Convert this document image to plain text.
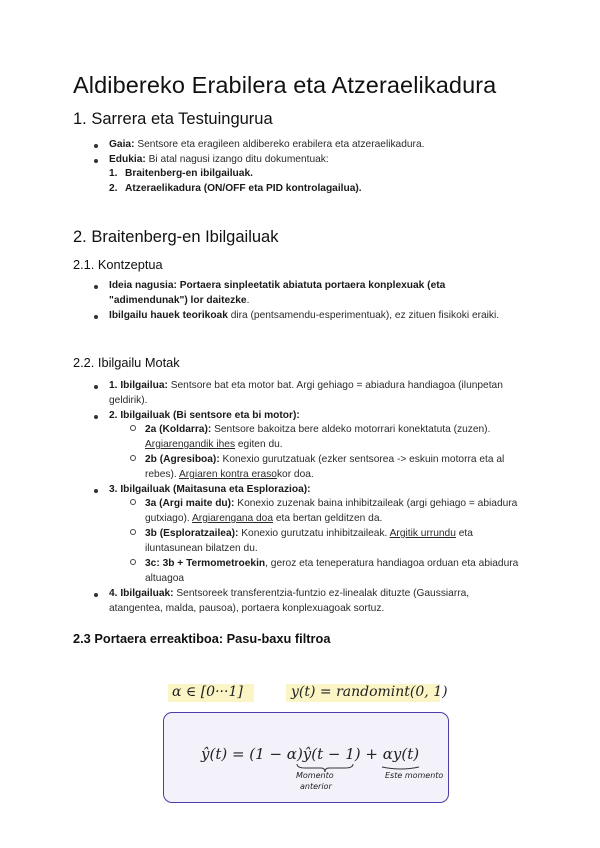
Aldibereko Erabilera eta Atzeraelikadura
1. Sarrera eta Testuingurua
Gaia: Sentsore eta eragileen aldibereko erabilera eta atzeraelikadura.
Edukia: Bi atal nagusi izango ditu dokumentuak:
1. Braitenberg-en ibilgailuak.
2. Atzeraelikadura (ON/OFF eta PID kontrolagailua).
2. Braitenberg-en Ibilgailuak
2.1. Kontzeptua
Ideia nagusia: Portaera sinpleetatik abiatuta portaera konplexuak (eta "adimendunak") lor daitezke.
Ibilgailu hauek teorikoak dira (pentsamendu-esperimentuak), ez zituen fisikoki eraiki.
2.2. Ibilgailu Motak
1. Ibilgailua: Sentsore bat eta motor bat. Argi gehiago = abiadura handiagoa (ilunpetan geldirik).
2. Ibilgailuak (Bi sentsore eta bi motor):
2a (Koldarra): Sentsore bakoitza bere aldeko motorrari konektatuta (zuzen). Argiarengandik ihes egiten du.
2b (Agresiboa): Konexio gurutzatuak (ezker sentsorea -> eskuin motorra eta al rebes). Argiaren kontra erasokor doa.
3. Ibilgailuak (Maitasuna eta Esplorazioa):
3a (Argi maite du): Konexio zuzenak baina inhibitzaileak (argi gehiago = abiadura gutxiago). Argiarengana doa eta bertan gelditzen da.
3b (Esploratzailea): Konexio gurutzatu inhibitzaileak. Argitik urrundu eta iluntasunean bilatzen du.
3c: 3b + Termometroekin, geroz eta teneperatura handiagoa orduan eta abiadura altuagoa
4. Ibilgailuak: Sentsoreek transferentzia-funtzio ez-linealak dituzte (Gaussiarra, atangentea, malda, pausoa), portaera konplexuagoak sortuz.
2.3 Portaera erreaktiboa: Pasu-baxu filtroa
α ∈ [0···1]	y(t) = randomint(0, 1)
ŷ(t) = (1 − α)ŷ(t − 1) + αy(t)
Momento
anterior
Este momento
